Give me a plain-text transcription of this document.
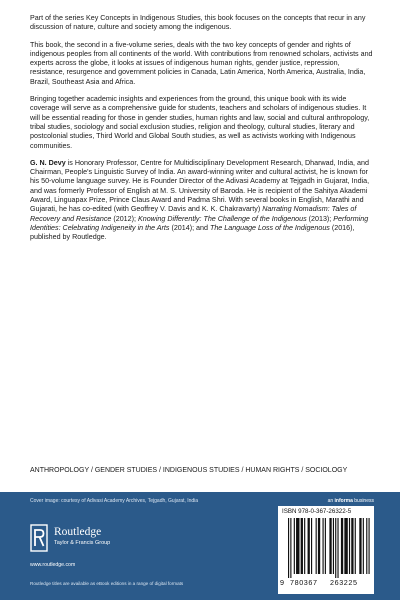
Part of the series Key Concepts in Indigenous Studies, this book focuses on the concepts that recur in any discussion of nature, culture and society among the indigenous.

This book, the second in a five-volume series, deals with the two key concepts of gender and rights of indigenous peoples from all continents of the world. With contributions from renowned scholars, activists and experts across the globe, it looks at issues of indigenous human rights, gender justice, repression, resistance, resurgence and government policies in Canada, Latin America, North America, Australia, India, Brazil, Southeast Asia and Africa.

Bringing together academic insights and experiences from the ground, this unique book with its wide coverage will serve as a comprehensive guide for students, teachers and scholars of indigenous studies. It will be essential reading for those in gender studies, human rights and law, social and cultural anthropology, tribal studies, sociology and social exclusion studies, religion and theology, cultural studies, literary and postcolonial studies, Third World and Global South studies, as well as activists working with Indigenous communities.

G. N. Devy is Honorary Professor, Centre for Multidisciplinary Development Research, Dharwad, India, and Chairman, People's Linguistic Survey of India. An award-winning writer and cultural activist, he is known for his 50-volume language survey. He is Founder Director of the Adivasi Academy at Tejgadh in Gujarat, India, and was formerly Professor of English at M. S. University of Baroda. He is recipient of the Sahitya Akademi Award, Linguapax Prize, Prince Claus Award and Padma Shri. With several books in English, Marathi and Gujarati, he has co-edited (with Geoffrey V. Davis and K. K. Chakravarty) Narrating Nomadism: Tales of Recovery and Resistance (2012); Knowing Differently: The Challenge of the Indigenous (2013); Performing Identities: Celebrating Indigeneity in the Arts (2014); and The Language Loss of the Indigenous (2016), published by Routledge.

ANTHROPOLOGY / GENDER STUDIES / INDIGENOUS STUDIES / HUMAN RIGHTS / SOCIOLOGY
Cover image: courtesy of Adivasi Academy Archives, Tejgadh, Gujarat, India
Routledge
Taylor & Francis Group
www.routledge.com
Routledge titles are available as eBook editions in a range of digital formats
an informa business
ISBN 978-0-367-26322-5
9 780367 263225
